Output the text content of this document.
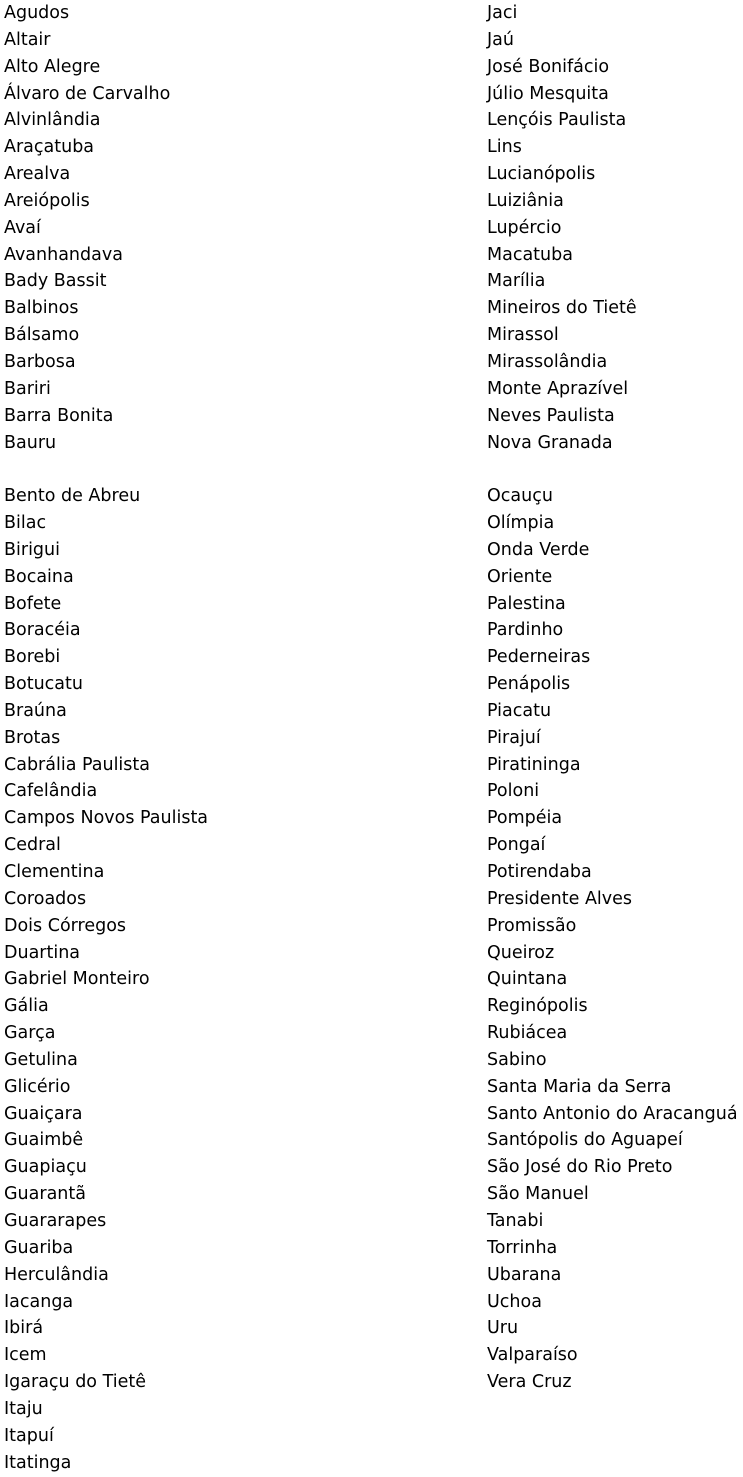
Agudos
Altair
Alto Alegre
Álvaro de Carvalho
Alvinlândia
Araçatuba
Arealva
Areiópolis
Avaí
Avanhandava
Bady Bassit
Balbinos
Bálsamo
Barbosa
Bariri
Barra Bonita
Bauru
Bento de Abreu
Bilac
Birigui
Bocaina
Bofete
Boracéia
Borebi
Botucatu
Braúna
Brotas
Cabrália Paulista
Cafelândia
Campos Novos Paulista
Cedral
Clementina
Coroados
Dois Córregos
Duartina
Gabriel Monteiro
Gália
Garça
Getulina
Glicério
Guaiçara
Guaimbê
Guapiaçu
Guarantã
Guararapes
Guariba
Herculândia
Iacanga
Ibirá
Icem
Igaraçu do Tietê
Itaju
Itapuí
Itatinga
Jaci
Jaú
José Bonifácio
Júlio Mesquita
Lençóis Paulista
Lins
Lucianópolis
Luiziânia
Lupércio
Macatuba
Marília
Mineiros do Tietê
Mirassol
Mirassolândia
Monte Aprazível
Neves Paulista
Nova Granada
Ocauçu
Olímpia
Onda Verde
Oriente
Palestina
Pardinho
Pederneiras
Penápolis
Piacatu
Pirajuí
Piratininga
Poloni
Pompéia
Pongaí
Potirendaba
Presidente Alves
Promissão
Queiroz
Quintana
Reginópolis
Rubiácea
Sabino
Santa Maria da Serra
Santo Antonio do Aracanguá
Santópolis do Aguapeí
São José do Rio Preto
São Manuel
Tanabi
Torrinha
Ubarana
Uchoa
Uru
Valparaíso
Vera Cruz
